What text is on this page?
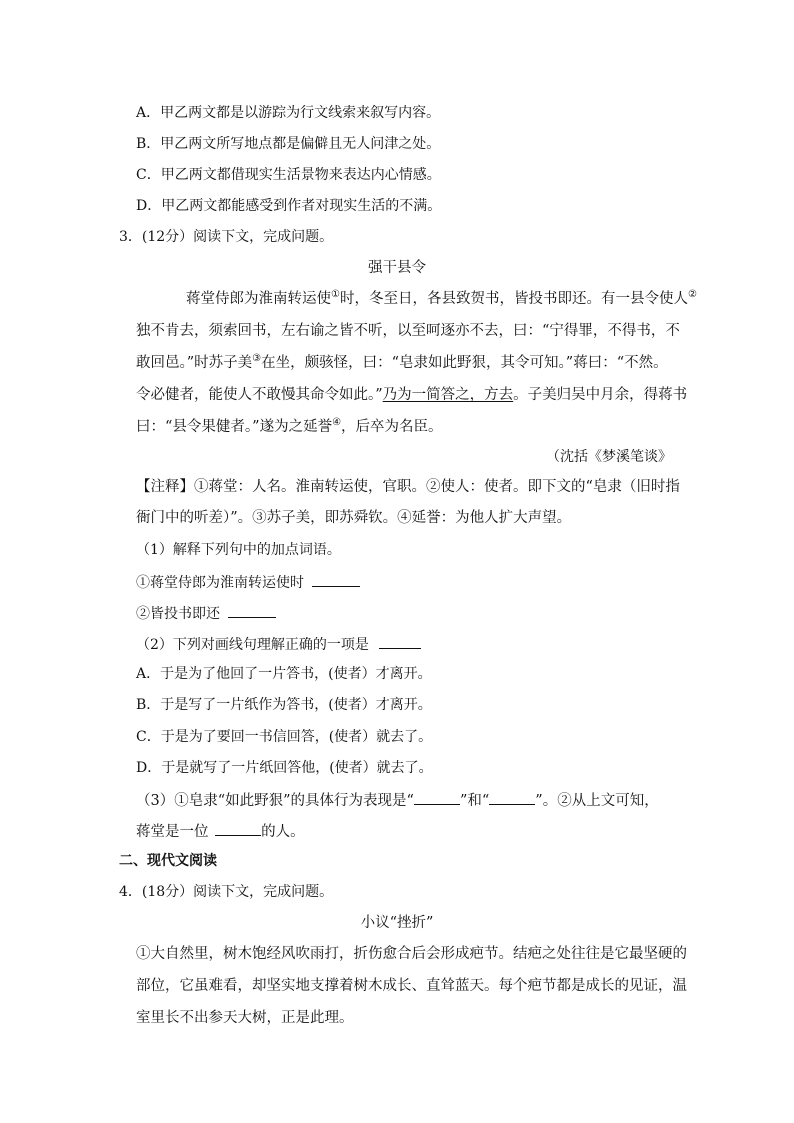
A．甲乙两文都是以游踪为行文线索来叙写内容。
B．甲乙两文所写地点都是偏僻且无人问津之处。
C．甲乙两文都借现实生活景物来表达内心情感。
D．甲乙两文都能感受到作者对现实生活的不满。
3．(12分）阅读下文，完成问题。
强干县令
蒋堂侍郎为淮南转运使①时，冬至日，各县致贺书，皆投书即还。有一县令使人②
独不肯去，须索回书，左右谕之皆不听，以至呵逐亦不去，曰：“宁得罪，不得书，不
敢回邑。”时苏子美③在坐，颇骇怪，曰：“皂隶如此野狠，其令可知。”蒋曰：“不然。
令必健者，能使人不敢慢其命令如此。”乃为一简答之，方去。子美归吴中月余，得蒋书
曰：“县令果健者。”遂为之延誉④，后卒为名臣。
（沈括《梦溪笔谈》
【注释】①蒋堂：人名。淮南转运使，官职。②使人：使者。即下文的“皂隶（旧时指
衙门中的听差）”。③苏子美，即苏舜钦。④延誉：为他人扩大声望。
（1）解释下列句中的加点词语。
①蒋堂侍郎为淮南转运使时
②皆投书即还
（2）下列对画线句理解正确的一项是
A．于是为了他回了一片答书，(使者）才离开。
B．于是写了一片纸作为答书，(使者）才离开。
C．于是为了要回一书信回答，(使者）就去了。
D．于是就写了一片纸回答他，(使者）就去了。
（3）①皂隶“如此野狠”的具体行为表现是“	”和“	”。②从上文可知，
蒋堂是一位	的人。
二、现代文阅读
4．(18分）阅读下文，完成问题。
小议“挫折”
①大自然里，树木饱经风吹雨打，折伤愈合后会形成疤节。结疤之处往往是它最坚硬的
部位，它虽难看，却坚实地支撑着树木成长、直耸蓝天。每个疤节都是成长的见证，温
室里长不出参天大树，正是此理。
